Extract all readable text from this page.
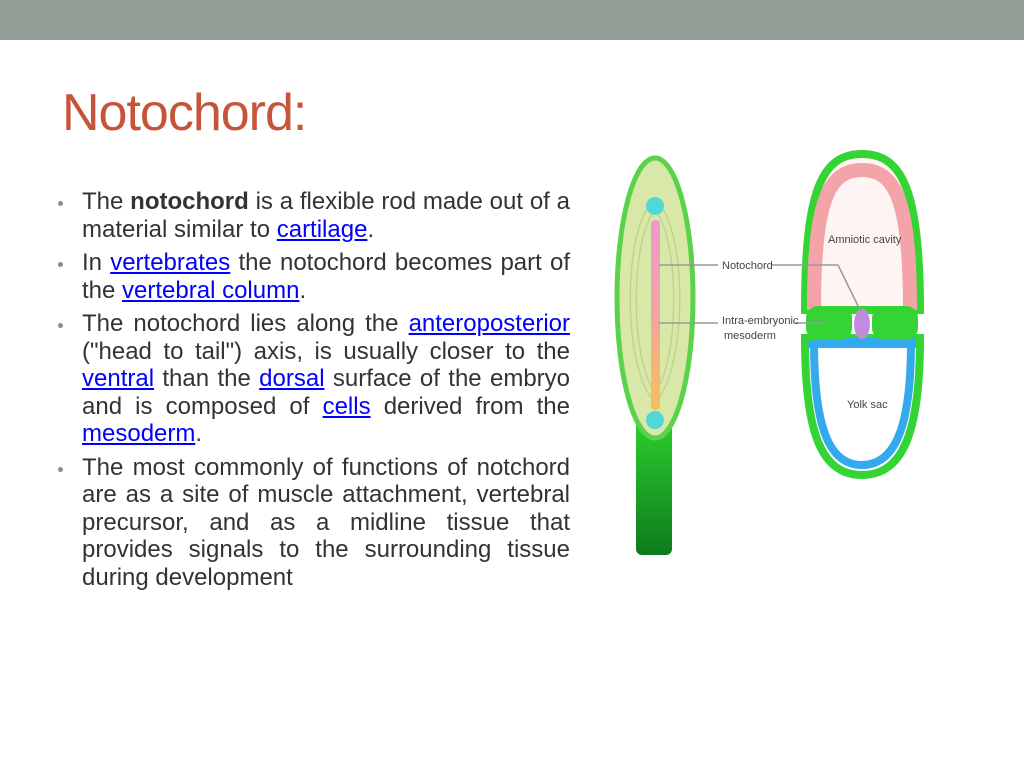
Notochord:
The notochord is a flexible rod made out of a material similar to cartilage.
In vertebrates the notochord becomes part of the vertebral column.
The notochord lies along the anteroposterior ("head to tail") axis, is usually closer to the ventral than the dorsal surface of the embryo and is composed of cells derived from the mesoderm.
The most commonly of functions of notchord are as a site of muscle attachment, vertebral precursor, and as a midline tissue that provides signals to the surrounding tissue during development
Notochord
Intra-embryonic
mesoderm
Amniotic cavity
Yolk sac
